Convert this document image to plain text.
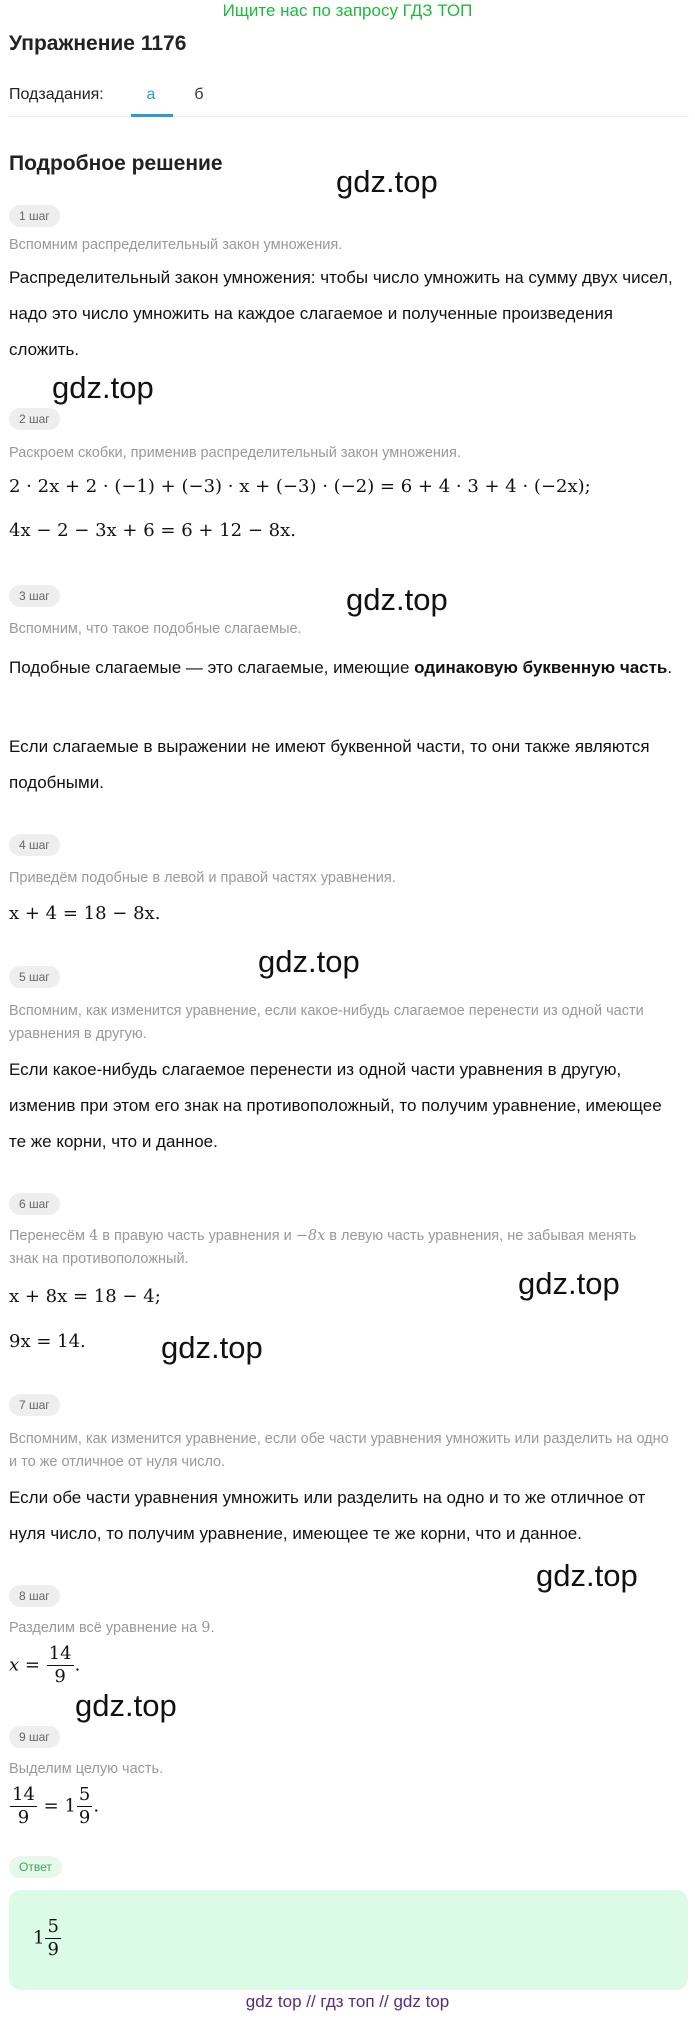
Ищите нас по запросу ГДЗ ТОП
Упражнение 1176
Подзадания:	а	б
Подробное решение
gdz.top
gdz.top
gdz.top
gdz.top
gdz.top
gdz.top
gdz.top
gdz.top
1 шаг
Вспомним распределительный закон умножения.
Распределительный закон умножения: чтобы число умножить на сумму двух чисел, надо это число умножить на каждое слагаемое и полученные произведения сложить.
2 шаг
Раскроем скобки, применив распределительный закон умножения.
2 · 2x + 2 · (−1) + (−3) · x + (−3) · (−2) = 6 + 4 · 3 + 4 · (−2x);
4x − 2 − 3x + 6 = 6 + 12 − 8x.
3 шаг
Вспомним, что такое подобные слагаемые.
Подобные слагаемые — это слагаемые, имеющие одинаковую буквенную часть.
Если слагаемые в выражении не имеют буквенной части, то они также являются подобными.
4 шаг
Приведём подобные в левой и правой частях уравнения.
x + 4 = 18 − 8x.
5 шаг
Вспомним, как изменится уравнение, если какое-нибудь слагаемое перенести из одной части уравнения в другую.
Если какое-нибудь слагаемое перенести из одной части уравнения в другую, изменив при этом его знак на противоположный, то получим уравнение, имеющее те же корни, что и данное.
6 шаг
Перенесём 4 в правую часть уравнения и −8x в левую часть уравнения, не забывая менять знак на противоположный.
x + 8x = 18 − 4;
9x = 14.
7 шаг
Вспомним, как изменится уравнение, если обе части уравнения умножить или разделить на одно и то же отличное от нуля число.
Если обе части уравнения умножить или разделить на одно и то же отличное от нуля число, то получим уравнение, имеющее те же корни, что и данное.
8 шаг
Разделим всё уравнение на 9.
$x = \frac{14}{9}$ .
9 шаг
Выделим целую часть.
$\frac{14}{9} = 1 \frac{5}{9}$ .
Ответ
$1 \frac{5}{9}$
gdz top // гдз топ // gdz top
